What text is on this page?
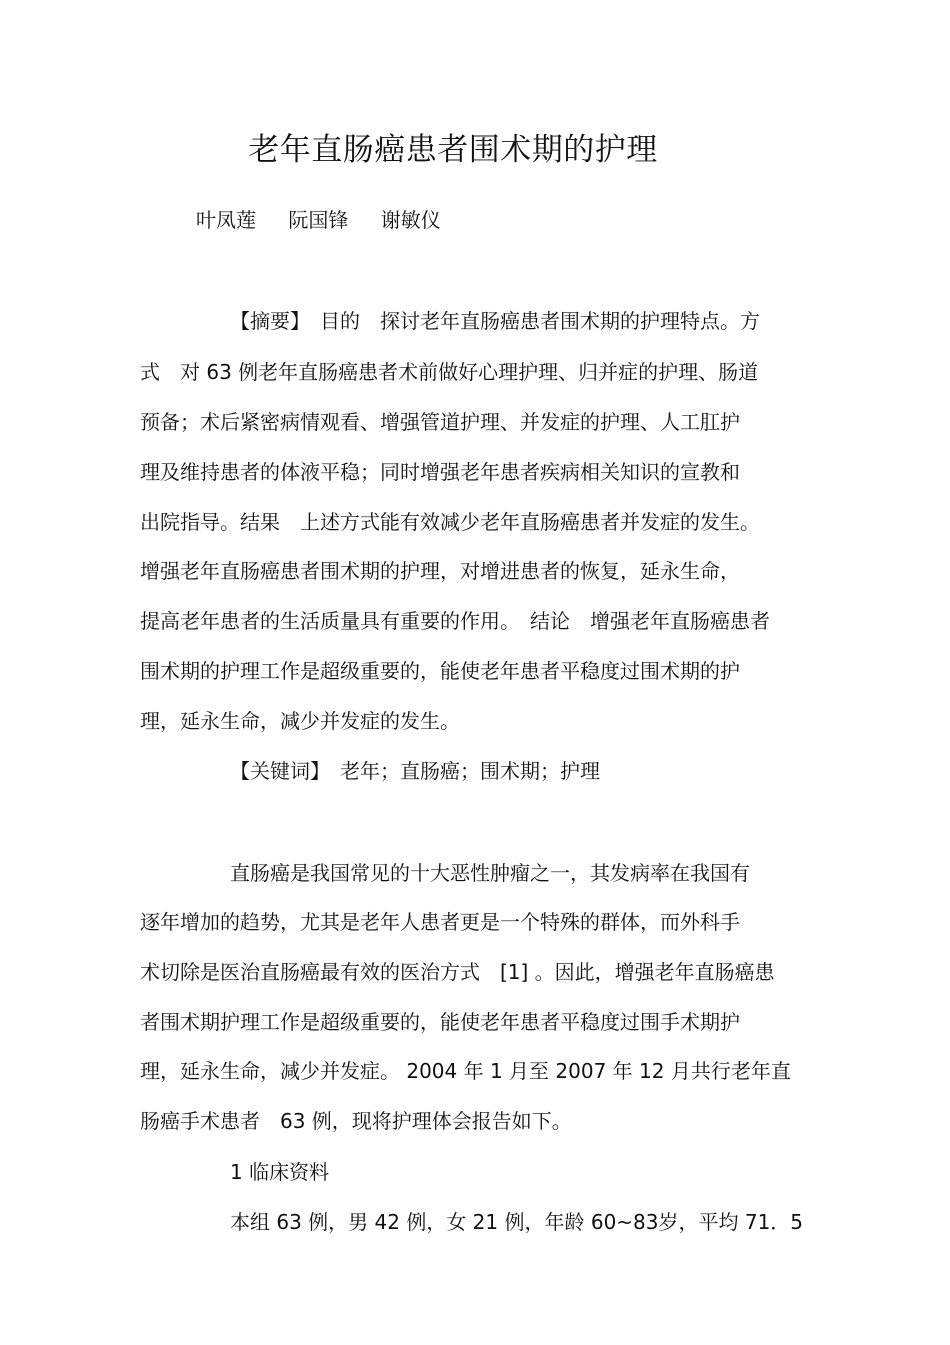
老年直肠癌患者围术期的护理
叶凤莲 阮国锋 谢敏仪
【摘要】　目的　探讨老年直肠癌患者围术期的护理特点。方
式　对 63 例老年直肠癌患者术前做好心理护理、归并症的护理、肠道
预备；术后紧密病情观看、增强管道护理、并发症的护理、人工肛护
理及维持患者的体液平稳；同时增强老年患者疾病相关知识的宣教和
出院指导。结果　上述方式能有效减少老年直肠癌患者并发症的发生。
增强老年直肠癌患者围术期的护理，对增进患者的恢复，延永生命，
提高老年患者的生活质量具有重要的作用。　结论　增强老年直肠癌患者
围术期的护理工作是超级重要的，能使老年患者平稳度过围术期的护
理，延永生命，减少并发症的发生。
【关键词】　老年；直肠癌；围术期；护理
直肠癌是我国常见的十大恶性肿瘤之一，其发病率在我国有
逐年增加的趋势，尤其是老年人患者更是一个特殊的群体，而外科手
术切除是医治直肠癌最有效的医治方式　[1] 。因此，增强老年直肠癌患
者围术期护理工作是超级重要的，能使老年患者平稳度过围手术期护
理，延永生命，减少并发症。 2004 年 1 月至 2007 年 12 月共行老年直
肠癌手术患者　63 例，现将护理体会报告如下。
1 临床资料
本组 63 例，男 42 例，女 21 例，年龄 60~83岁，平均 71．5
